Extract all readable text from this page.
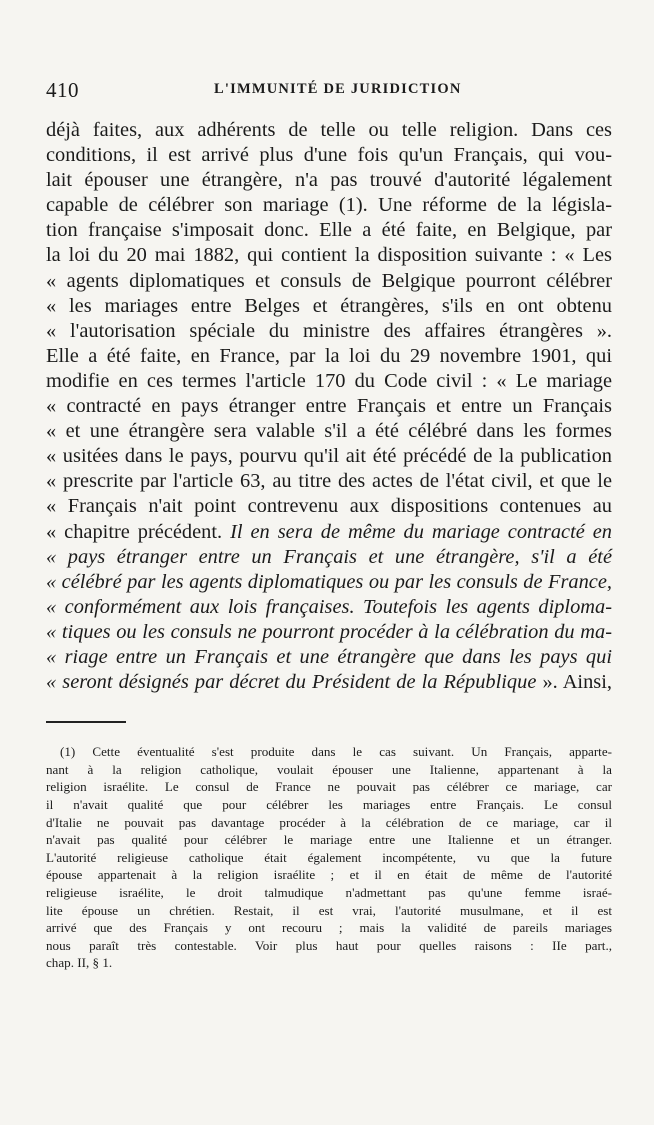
410	L'IMMUNITÉ DE JURIDICTION
déjà faites, aux adhérents de telle ou telle religion. Dans ces
conditions, il est arrivé plus d'une fois qu'un Français, qui vou-
lait épouser une étrangère, n'a pas trouvé d'autorité légalement
capable de célébrer son mariage (1). Une réforme de la législa-
tion française s'imposait donc. Elle a été faite, en Belgique, par
la loi du 20 mai 1882, qui contient la disposition suivante : « Les
« agents diplomatiques et consuls de Belgique pourront célébrer
« les mariages entre Belges et étrangères, s'ils en ont obtenu
« l'autorisation spéciale du ministre des affaires étrangères ».
Elle a été faite, en France, par la loi du 29 novembre 1901, qui
modifie en ces termes l'article 170 du Code civil : « Le mariage
« contracté en pays étranger entre Français et entre un Français
« et une étrangère sera valable s'il a été célébré dans les formes
« usitées dans le pays, pourvu qu'il ait été précédé de la publication
« prescrite par l'article 63, au titre des actes de l'état civil, et que le
« Français n'ait point contrevenu aux dispositions contenues au
« chapitre précédent. Il en sera de même du mariage contracté en
« pays étranger entre un Français et une étrangère, s'il a été
« célébré par les agents diplomatiques ou par les consuls de France,
« conformément aux lois françaises. Toutefois les agents diploma-
« tiques ou les consuls ne pourront procéder à la célébration du ma-
« riage entre un Français et une étrangère que dans les pays qui
« seront désignés par décret du Président de la République ». Ainsi,
(1) Cette éventualité s'est produite dans le cas suivant. Un Français, apparte-
nant à la religion catholique, voulait épouser une Italienne, appartenant à la
religion israélite. Le consul de France ne pouvait pas célébrer ce mariage, car
il n'avait qualité que pour célébrer les mariages entre Français. Le consul
d'Italie ne pouvait pas davantage procéder à la célébration de ce mariage, car il
n'avait pas qualité pour célébrer le mariage entre une Italienne et un étranger.
L'autorité religieuse catholique était également incompétente, vu que la future
épouse appartenait à la religion israélite ; et il en était de même de l'autorité
religieuse israélite, le droit talmudique n'admettant pas qu'une femme israé-
lite épouse un chrétien. Restait, il est vrai, l'autorité musulmane, et il est
arrivé que des Français y ont recouru ; mais la validité de pareils mariages
nous paraît très contestable. Voir plus haut pour quelles raisons : IIe part.,
chap. II, § 1.
